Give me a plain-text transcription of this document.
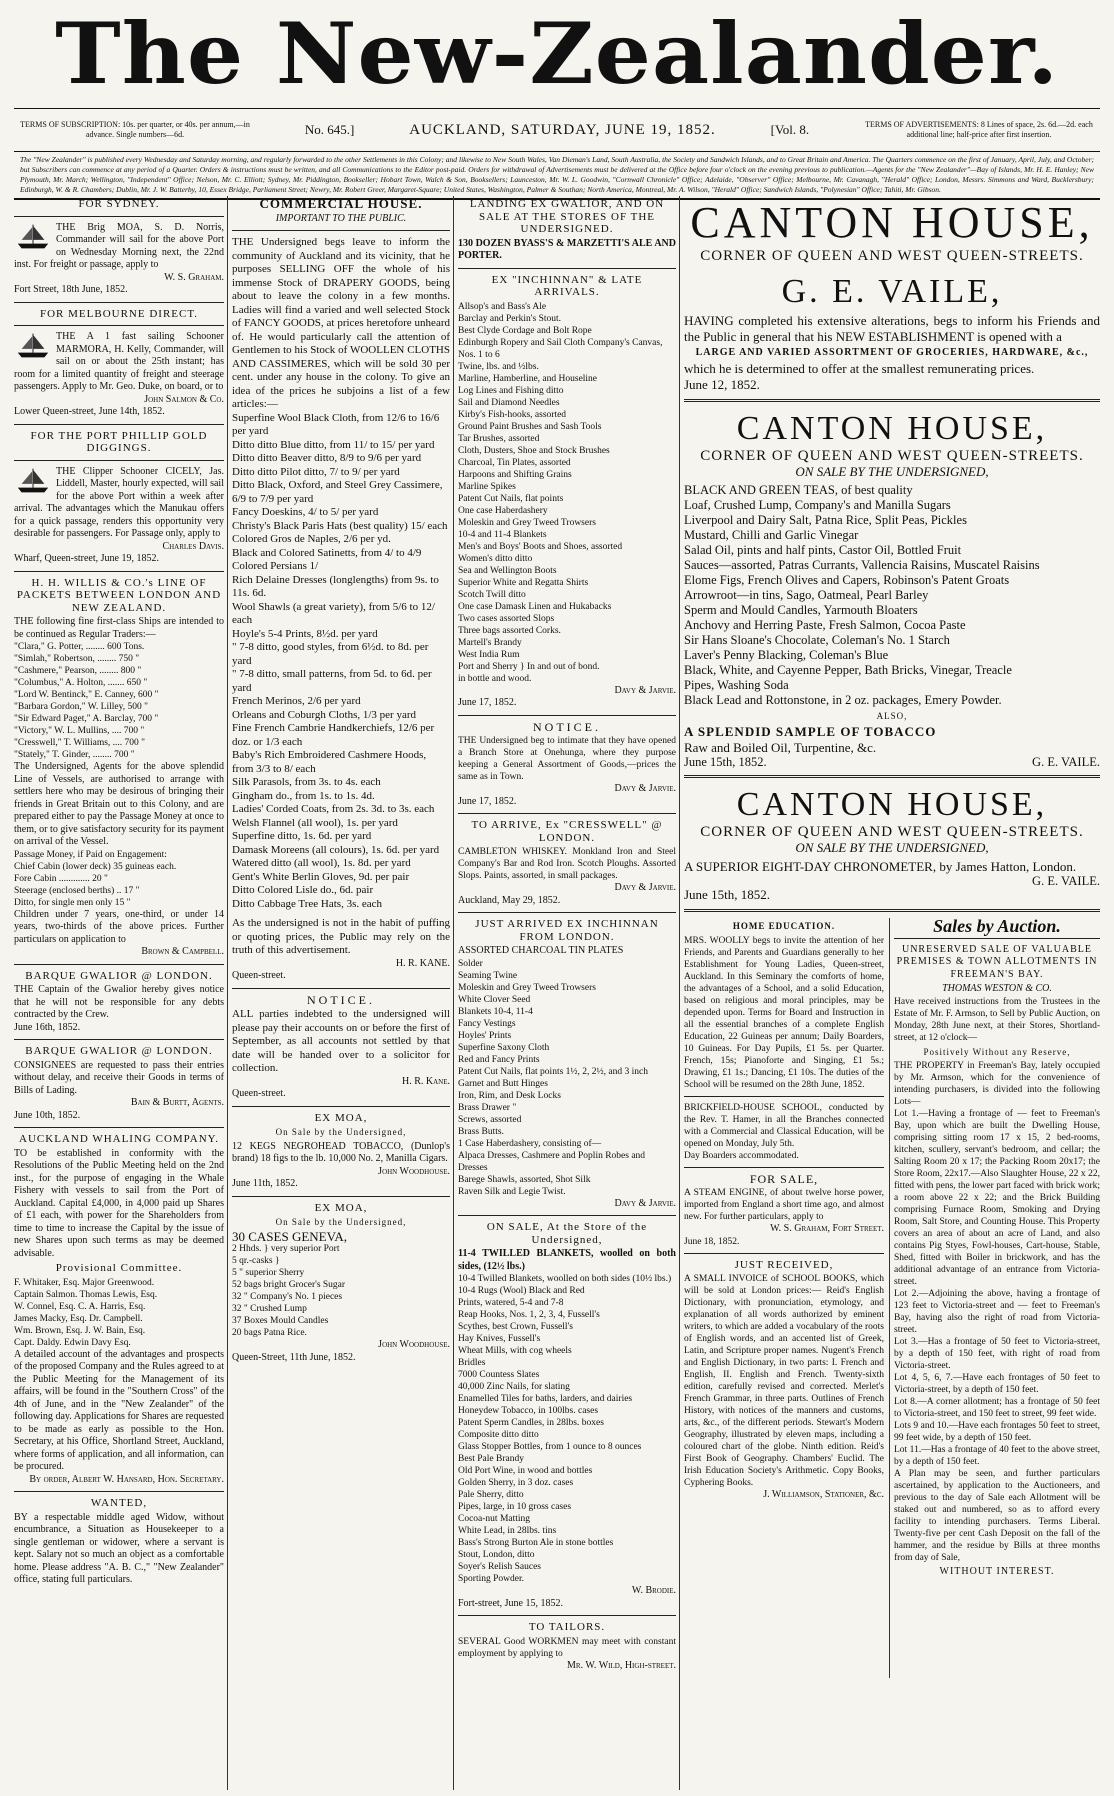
The New-Zealander.
TERMS OF SUBSCRIPTION: 10s. per quarter, or 40s. per annum,—in advance. Single numbers—6d.	No. 645.]	AUCKLAND, SATURDAY, JUNE 19, 1852.	[Vol. 8.	TERMS OF ADVERTISEMENTS: 8 Lines of space, 2s. 6d.—2d. each additional line; half-price after first insertion.
The "New Zealander" is published every Wednesday and Saturday morning, and regularly forwarded to the other Settlements in this Colony; and likewise to New South Wales, Van Dieman's Land, South Australia, the Society and Sandwich Islands, and to Great Britain and America. The Quarters commence on the first of January, April, July, and October; but Subscribers can commence at any period of a Quarter. Orders & instructions must be written, and all Communications to the Editor post-paid. Orders for withdrawal of Advertisements must be delivered at the Office before four o'clock on the evening previous to publication.—Agents for the "New Zealander"—Bay of Islands, Mr. H. E. Hanley; New Plymouth, Mr. March; Wellington, "Independent" Office; Nelson, Mr. C. Elliott; Sydney, Mr. Piddington, Bookseller; Hobart Town, Walch & Son, Booksellers; Launceston, Mr. W. L. Goodwin, "Cornwall Chronicle" Office; Adelaide, "Observer" Office; Melbourne, Mr. Cavanagh, "Herald" Office; London, Messrs. Simmons and Ward, Bucklersbury; Edinburgh, W. & R. Chambers; Dublin, Mr. J. W. Batterby, 10, Essex Bridge, Parliament Street; Newry, Mr. Robert Greer, Margaret-Square; United States, Washington, Palmer & Southan; North America, Montreal, Mr. A. Wilson, "Herald" Office; Sandwich Islands, "Polynesian" Office; Tahiti, Mr. Gibson.
FOR SYDNEY.
THE Brig MOA, S. D. Norris, Commander will sail for the above Port on Wednesday Morning next, the 22nd inst. For freight or passage, apply to
W. S. Graham.
Fort Street, 18th June, 1852.
FOR MELBOURNE DIRECT.
THE A 1 fast sailing Schooner MARMORA, H. Kelly, Commander, will sail on or about the 25th instant; has room for a limited quantity of freight and steerage passengers. Apply to Mr. Geo. Duke, on board, or to
John Salmon & Co.
Lower Queen-street, June 14th, 1852.
FOR THE PORT PHILLIP GOLD DIGGINGS.
THE Clipper Schooner CICELY, Jas. Liddell, Master, hourly expected, will sail for the above Port within a week after arrival. The advantages which the Manukau offers for a quick passage, renders this opportunity very desirable for passengers. For Passage only, apply to
Charles Davis.
Wharf, Queen-street, June 19, 1852.
H. H. WILLIS & CO.'s LINE OF PACKETS BETWEEN LONDON AND NEW ZEALAND.
THE following fine first-class Ships are intended to be continued as Regular Traders:—
"Clara," G. Potter, ........ 600 Tons.
"Simlah," Robertson, ........ 750 "
"Cashmere," Pearson, ........ 800 "
"Columbus," A. Holton, ....... 650 "
"Lord W. Bentinck," E. Canney, 600 "
"Barbara Gordon," W. Lilley, 500 "
"Sir Edward Paget," A. Barclay, 700 "
"Victory," W. L. Mullins, .... 700 "
"Cresswell," T. Williams, .... 700 "
"Stately," T. Ginder, ........ 700 "
The Undersigned, Agents for the above splendid Line of Vessels, are authorised to arrange with settlers here who may be desirous of bringing their friends in Great Britain out to this Colony, and are prepared either to pay the Passage Money at once to them, or to give satisfactory security for its payment on arrival of the Vessel.
Passage Money, if Paid on Engagement:
Chief Cabin (lower deck) 35 guineas each.
Fore Cabin ............. 20 "
Steerage (enclosed berths) .. 17 "
Ditto, for single men only 15 "
Children under 7 years, one-third, or under 14 years, two-thirds of the above prices. Further particulars on application to
Brown & Campbell.
BARQUE GWALIOR @ LONDON.
THE Captain of the Gwalior hereby gives notice that he will not be responsible for any debts contracted by the Crew.
June 16th, 1852.
BARQUE GWALIOR @ LONDON.
CONSIGNEES are requested to pass their entries without delay, and receive their Goods in terms of Bills of Lading.
Bain & Burtt, Agents.
June 10th, 1852.
AUCKLAND WHALING COMPANY.
TO be established in conformity with the Resolutions of the Public Meeting held on the 2nd inst., for the purpose of engaging in the Whale Fishery with vessels to sail from the Port of Auckland. Capital £4,000, in 4,000 paid up Shares of £1 each, with power for the Shareholders from time to time to increase the Capital by the issue of new Shares upon such terms as may be deemed advisable.
Provisional Committee.
F. Whitaker, Esq. Major Greenwood.
Captain Salmon. Thomas Lewis, Esq.
W. Connel, Esq. C. A. Harris, Esq.
James Macky, Esq. Dr. Campbell.
Wm. Brown, Esq. J. W. Bain, Esq.
Capt. Daldy. Edwin Davy Esq.
A detailed account of the advantages and prospects of the proposed Company and the Rules agreed to at the Public Meeting for the Management of its affairs, will be found in the "Southern Cross" of the 4th of June, and in the "New Zealander" of the following day. Applications for Shares are requested to be made as early as possible to the Hon. Secretary, at his Office, Shortland Street, Auckland, where forms of application, and all information, can be procured.
By order, Albert W. Hansard, Hon. Secretary.
WANTED,
BY a respectable middle aged Widow, without encumbrance, a Situation as Housekeeper to a single gentleman or widower, where a servant is kept. Salary not so much an object as a comfortable home. Please address "A. B. C.," "New Zealander" office, stating full particulars.
COMMERCIAL HOUSE.
IMPORTANT TO THE PUBLIC.
THE Undersigned begs leave to inform the community of Auckland and its vicinity, that he purposes SELLING OFF the whole of his immense Stock of DRAPERY GOODS, being about to leave the colony in a few months. Ladies will find a varied and well selected Stock of FANCY GOODS, at prices heretofore unheard of. He would particularly call the attention of Gentlemen to his Stock of WOOLLEN CLOTHS AND CASSIMERES, which will be sold 30 per cent. under any house in the colony. To give an idea of the prices he subjoins a list of a few articles:—
Superfine Wool Black Cloth, from 12/6 to 16/6 per yard
Ditto ditto Blue ditto, from 11/ to 15/ per yard
Ditto ditto Beaver ditto, 8/9 to 9/6 per yard
Ditto ditto Pilot ditto, 7/ to 9/ per yard
Ditto Black, Oxford, and Steel Grey Cassimere, 6/9 to 7/9 per yard
Fancy Doeskins, 4/ to 5/ per yard
Christy's Black Paris Hats (best quality) 15/ each
Colored Gros de Naples, 2/6 per yd.
Black and Colored Satinetts, from 4/ to 4/9
Colored Persians 1/
Rich Delaine Dresses (longlengths) from 9s. to 11s. 6d.
Wool Shawls (a great variety), from 5/6 to 12/ each
Hoyle's 5-4 Prints, 8½d. per yard
" 7-8 ditto, good styles, from 6½d. to 8d. per yard
" 7-8 ditto, small patterns, from 5d. to 6d. per yard
French Merinos, 2/6 per yard
Orleans and Coburgh Cloths, 1/3 per yard
Fine French Cambrie Handkerchiefs, 12/6 per doz. or 1/3 each
Baby's Rich Embroidered Cashmere Hoods, from 3/3 to 8/ each
Silk Parasols, from 3s. to 4s. each
Gingham do., from 1s. to 1s. 4d.
Ladies' Corded Coats, from 2s. 3d. to 3s. each
Welsh Flannel (all wool), 1s. per yard
Superfine ditto, 1s. 6d. per yard
Damask Moreens (all colours), 1s. 6d. per yard
Watered ditto (all wool), 1s. 8d. per yard
Gent's White Berlin Gloves, 9d. per pair
Ditto Colored Lisle do., 6d. pair
Ditto Cabbage Tree Hats, 3s. each
As the undersigned is not in the habit of puffing or quoting prices, the Public may rely on the truth of this advertisement.
H. R. KANE.
Queen-street.
NOTICE.
ALL parties indebted to the undersigned will please pay their accounts on or before the first of September, as all accounts not settled by that date will be handed over to a solicitor for collection.
H. R. Kane.
Queen-street.
EX MOA,
On Sale by the Undersigned,
12 KEGS NEGROHEAD TOBACCO, (Dunlop's brand) 18 figs to the lb. 10,000 No. 2, Manilla Cigars.
John Woodhouse.
June 11th, 1852.
EX MOA,
On Sale by the Undersigned,
30 CASES GENEVA,
2 Hhds. } very superior Port
5 qr.-casks }
5 " superior Sherry
52 bags bright Grocer's Sugar
32 " Company's No. 1 pieces
32 " Crushed Lump
37 Boxes Mould Candles
20 bags Patna Rice.
John Woodhouse.
Queen-Street, 11th June, 1852.
LANDING EX GWALIOR, AND ON SALE AT THE STORES OF THE UNDERSIGNED.
130 DOZEN BYASS'S & MARZETTI'S ALE AND PORTER.
EX "INCHINNAN" & LATE ARRIVALS.
Allsop's and Bass's Ale
Barclay and Perkin's Stout.
Best Clyde Cordage and Bolt Rope
Edinburgh Ropery and Sail Cloth Company's Canvas, Nos. 1 to 6
Twine, lbs. and ½lbs.
Marline, Hamberline, and Houseline
Log Lines and Fishing ditto
Sail and Diamond Needles
Kirby's Fish-hooks, assorted
Ground Paint Brushes and Sash Tools
Tar Brushes, assorted
Cloth, Dusters, Shoe and Stock Brushes
Charcoal, Tin Plates, assorted
Harpoons and Shifting Grains
Marline Spikes
Patent Cut Nails, flat points
One case Haberdashery
Moleskin and Grey Tweed Trowsers
10-4 and 11-4 Blankets
Men's and Boys' Boots and Shoes, assorted
Women's ditto ditto
Sea and Wellington Boots
Superior White and Regatta Shirts
Scotch Twill ditto
One case Damask Linen and Hukabacks
Two cases assorted Slops
Three bags assorted Corks.
Martell's Brandy
West India Rum
Port and Sherry } In and out of bond.
in bottle and wood.
Davy & Jarvie.
June 17, 1852.
NOTICE.
THE Undersigned beg to intimate that they have opened a Branch Store at Onehunga, where they purpose keeping a General Assortment of Goods,—prices the same as in Town.
Davy & Jarvie.
June 17, 1852.
TO ARRIVE, Ex "CRESSWELL" @ LONDON.
CAMBLETON WHISKEY. Monkland Iron and Steel Company's Bar and Rod Iron. Scotch Ploughs. Assorted Slops. Paints, assorted, in small packages.
Davy & Jarvie.
Auckland, May 29, 1852.
JUST ARRIVED EX INCHINNAN FROM LONDON.
ASSORTED CHARCOAL TIN PLATES
Solder
Seaming Twine
Moleskin and Grey Tweed Trowsers
White Clover Seed
Blankets 10-4, 11-4
Fancy Vestings
Hoyles' Prints
Superfine Saxony Cloth
Red and Fancy Prints
Patent Cut Nails, flat points 1½, 2, 2½, and 3 inch
Garnet and Butt Hinges
Iron, Rim, and Desk Locks
Brass Drawer "
Screws, assorted
Brass Butts.
1 Case Haberdashery, consisting of—
Alpaca Dresses, Cashmere and Poplin Robes and Dresses
Barege Shawls, assorted, Shot Silk
Raven Silk and Legie Twist.
Davy & Jarvie.
ON SALE, At the Store of the Undersigned,
11-4 TWILLED BLANKETS, woolled on both sides, (12½ lbs.)
10-4 Twilled Blankets, woolled on both sides (10½ lbs.)
10-4 Rugs (Wool) Black and Red
Prints, watered, 5-4 and 7-8
Reap Hooks, Nos. 1, 2, 3, 4, Fussell's
Scythes, best Crown, Fussell's
Hay Knives, Fussell's
Wheat Mills, with cog wheels
Bridles
7000 Countess Slates
40,000 Zinc Nails, for slating
Enamelled Tiles for baths, larders, and dairies
Honeydew Tobacco, in 100lbs. cases
Patent Sperm Candles, in 28lbs. boxes
Composite ditto ditto
Glass Stopper Bottles, from 1 ounce to 8 ounces
Best Pale Brandy
Old Port Wine, in wood and bottles
Golden Sherry, in 3 doz. cases
Pale Sherry, ditto
Pipes, large, in 10 gross cases
Cocoa-nut Matting
White Lead, in 28lbs. tins
Bass's Strong Burton Ale in stone bottles
Stout, London, ditto
Soyer's Relish Sauces
Sporting Powder.
W. Brodie.
Fort-street, June 15, 1852.
TO TAILORS.
SEVERAL Good WORKMEN may meet with constant employment by applying to
Mr. W. Wild, High-street.
CANTON HOUSE,
CORNER OF QUEEN AND WEST QUEEN-STREETS.
G. E. VAILE,
HAVING completed his extensive alterations, begs to inform his Friends and the Public in general that his NEW ESTABLISHMENT is opened with a
LARGE AND VARIED ASSORTMENT OF GROCERIES, HARDWARE, &c.,
which he is determined to offer at the smallest remunerating prices.
June 12, 1852.
CANTON HOUSE,
CORNER OF QUEEN AND WEST QUEEN-STREETS.
ON SALE BY THE UNDERSIGNED,
BLACK AND GREEN TEAS, of best quality
Loaf, Crushed Lump, Company's and Manilla Sugars
Liverpool and Dairy Salt, Patna Rice, Split Peas, Pickles
Mustard, Chilli and Garlic Vinegar
Salad Oil, pints and half pints, Castor Oil, Bottled Fruit
Sauces—assorted, Patras Currants, Vallencia Raisins, Muscatel Raisins
Elome Figs, French Olives and Capers, Robinson's Patent Groats
Arrowroot—in tins, Sago, Oatmeal, Pearl Barley
Sperm and Mould Candles, Yarmouth Bloaters
Anchovy and Herring Paste, Fresh Salmon, Cocoa Paste
Sir Hans Sloane's Chocolate, Coleman's No. 1 Starch
Laver's Penny Blacking, Coleman's Blue
Black, White, and Cayenne Pepper, Bath Bricks, Vinegar, Treacle
Pipes, Washing Soda
Black Lead and Rottonstone, in 2 oz. packages, Emery Powder.
ALSO,
A SPLENDID SAMPLE OF TOBACCO
Raw and Boiled Oil, Turpentine, &c.
June 15th, 1852.	G. E. VAILE.
CANTON HOUSE,
CORNER OF QUEEN AND WEST QUEEN-STREETS.
ON SALE BY THE UNDERSIGNED,
A SUPERIOR EIGHT-DAY CHRONOMETER, by James Hatton, London.
G. E. VAILE.
June 15th, 1852.
HOME EDUCATION.
MRS. WOOLLY begs to invite the attention of her Friends, and Parents and Guardians generally to her Establishment for Young Ladies, Queen-street, Auckland. In this Seminary the comforts of home, the advantages of a School, and a solid Education, based on religious and moral principles, may be depended upon. Terms for Board and Instruction in all the essential branches of a complete English Education, 22 Guineas per annum; Daily Boarders, 10 Guineas. For Day Pupils, £1 5s. per Quarter. French, 15s; Pianoforte and Singing, £1 5s.; Drawing, £1 1s.; Dancing, £1 10s. The duties of the School will be resumed on the 28th June, 1852.
BRICKFIELD-HOUSE SCHOOL, conducted by the Rev. T. Hamer, in all the Branches connected with a Commercial and Classical Education, will be opened on Monday, July 5th.
Day Boarders accommodated.
FOR SALE,
A STEAM ENGINE, of about twelve horse power, imported from England a short time ago, and almost new. For further particulars, apply to
W. S. Graham, Fort Street.
June 18, 1852.
JUST RECEIVED,
A SMALL INVOICE of SCHOOL BOOKS, which will be sold at London prices:— Reid's English Dictionary, with pronunciation, etymology, and explanation of all words authorized by eminent writers, to which are added a vocabulary of the roots of English words, and an accented list of Greek, Latin, and Scripture proper names. Nugent's French and English Dictionary, in two parts: I. French and English, II. English and French. Twenty-sixth edition, carefully revised and corrected. Merlet's French Grammar, in three parts. Outlines of French History, with notices of the manners and customs, arts, &c., of the different periods. Stewart's Modern Geography, illustrated by eleven maps, including a coloured chart of the globe. Ninth edition. Reid's First Book of Geography. Chambers' Euclid. The Irish Education Society's Arithmetic. Copy Books, Cyphering Books.
J. Williamson, Stationer, &c.
Sales by Auction.
UNRESERVED SALE OF VALUABLE PREMISES & TOWN ALLOTMENTS IN FREEMAN'S BAY.
THOMAS WESTON & CO.
Have received instructions from the Trustees in the Estate of Mr. F. Armson, to Sell by Public Auction, on Monday, 28th June next, at their Stores, Shortland-street, at 12 o'clock—
Positively Without any Reserve,
THE PROPERTY in Freeman's Bay, lately occupied by Mr. Armson, which for the convenience of intending purchasers, is divided into the following Lots—
Lot 1.—Having a frontage of — feet to Freeman's Bay, upon which are built the Dwelling House, comprising sitting room 17 x 15, 2 bed-rooms, kitchen, scullery, servant's bedroom, and cellar; the Salting Room 20 x 17; the Packing Room 20x17; the Store Room, 22x17.—Also Slaughter House, 22 x 22, fitted with pens, the lower part faced with brick work; a room above 22 x 22; and the Brick Building comprising Furnace Room, Smoking and Drying Room, Salt Store, and Counting House. This Property covers an area of about an acre of Land, and also contains Pig Styes, Fowl-houses, Cart-house, Stable, Shed, fitted with Boiler in brickwork, and has the additional advantage of an entrance from Victoria-street.
Lot 2.—Adjoining the above, having a frontage of 123 feet to Victoria-street and — feet to Freeman's Bay, having also the right of road from Victoria-street.
Lot 3.—Has a frontage of 50 feet to Victoria-street, by a depth of 150 feet, with right of road from Victoria-street.
Lot 4, 5, 6, 7.—Have each frontages of 50 feet to Victoria-street, by a depth of 150 feet.
Lot 8.—A corner allotment; has a frontage of 50 feet to Victoria-street, and 150 feet to street, 99 feet wide.
Lots 9 and 10.—Have each frontages 50 feet to street, 99 feet wide, by a depth of 150 feet.
Lot 11.—Has a frontage of 40 feet to the above street, by a depth of 150 feet.
A Plan may be seen, and further particulars ascertained, by application to the Auctioneers, and previous to the day of Sale each Allotment will be staked out and numbered, so as to afford every facility to intending purchasers. Terms Liberal. Twenty-five per cent Cash Deposit on the fall of the hammer, and the residue by Bills at three months from day of Sale,
WITHOUT INTEREST.
